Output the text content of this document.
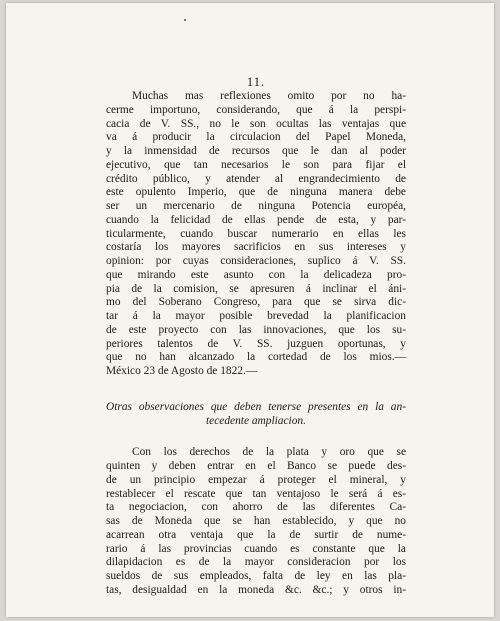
11.
Muchas mas reflexiones omito por no ha-
cerme importuno, considerando, que á la perspi-
cacia de V. SS., no le son ocultas las ventajas que
va á producir la circulacion del Papel Moneda,
y la inmensidad de recursos que le dan al poder
ejecutivo, que tan necesarios le son para fijar el
crédito público, y atender al engrandecimiento de
este opulento Imperio, que de ninguna manera debe
ser un mercenario de ninguna Potencia européa,
cuando la felicidad de ellas pende de esta, y par-
ticularmente, cuando buscar numerario en ellas les
costaría los mayores sacrificios en sus intereses y
opinion: por cuyas consideraciones, suplico á V. SS.
que mirando este asunto con la delicadeza pro-
pia de la comision, se apresuren á inclinar el áni-
mo del Soberano Congreso, para que se sirva dic-
tar á la mayor posible brevedad la planificacion
de este proyecto con las innovaciones, que los su-
periores talentos de V. SS. juzguen oportunas, y
que no han alcanzado la cortedad de los mios.—
México 23 de Agosto de 1822.—
Otras observaciones que deben tenerse presentes en la an-
tecedente ampliacion.
Con los derechos de la plata y oro que se
quinten y deben entrar en el Banco se puede des-
de un principio empezar á proteger el mineral, y
restablecer el rescate que tan ventajoso le será á es-
ta negociacion, con ahorro de las diferentes Ca-
sas de Moneda que se han establecido, y que no
acarrean otra ventaja que la de surtir de nume-
rario á las provincias cuando es constante que la
dilapidacion es de la mayor consideracion por los
sueldos de sus empleados, falta de ley en las pla-
tas, desigualdad en la moneda &c. &c.; y otros in-
